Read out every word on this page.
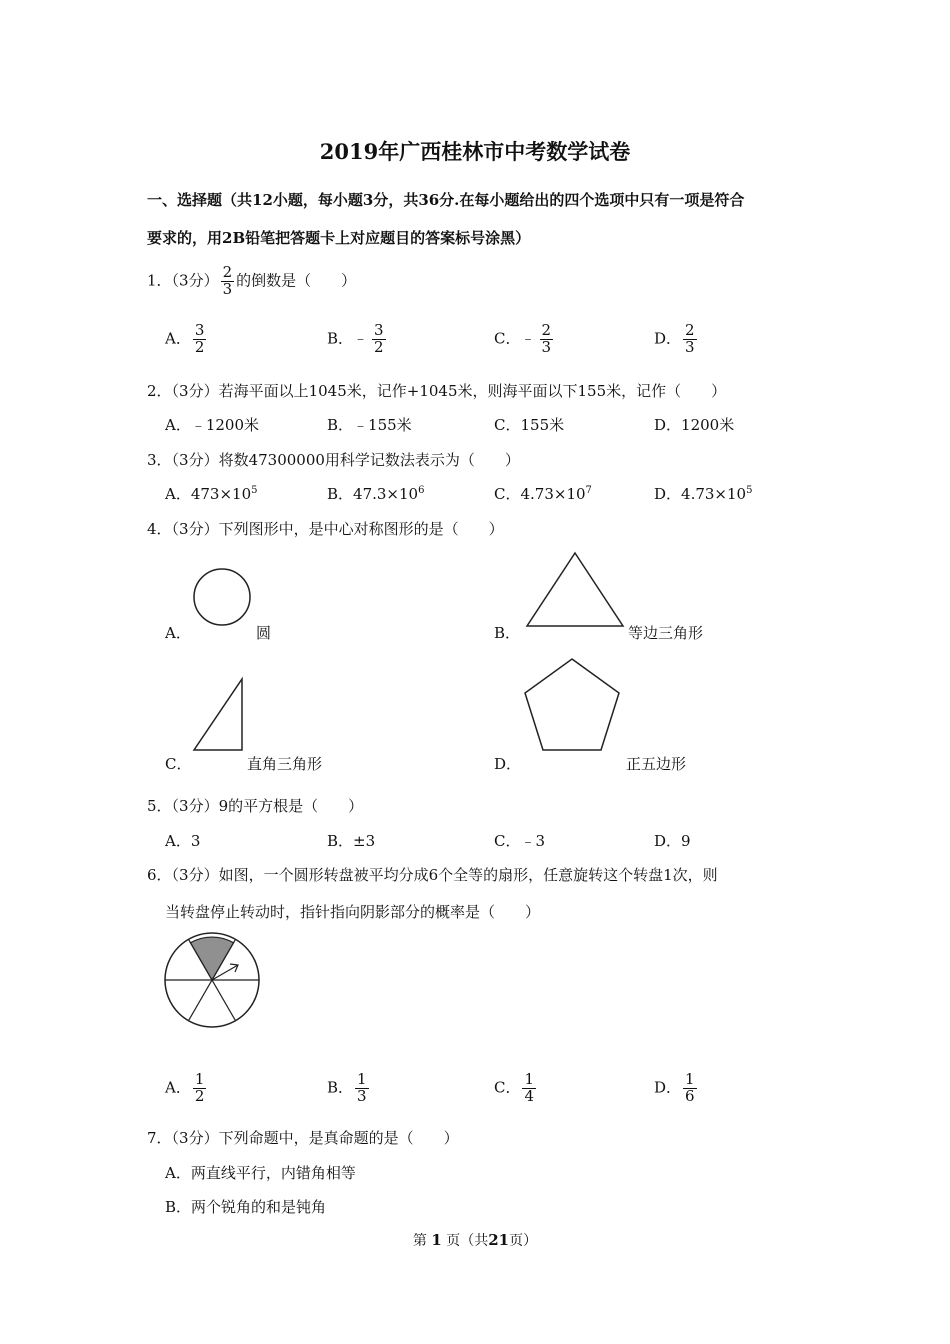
2019年广西桂林市中考数学试卷
一、选择题（共12小题，每小题3分，共36分.在每小题给出的四个选项中只有一项是符合
要求的，用2B铅笔把答题卡上对应题目的答案标号涂黑）
1．（3分） $\frac{2}{3}$ 的倒数是（　　）
A． $\frac{3}{2}$	B．﹣ $\frac{3}{2}$	C．﹣ $\frac{2}{3}$	D． $\frac{2}{3}$
2．（3分）若海平面以上1045米，记作+1045米，则海平面以下155米，记作（　　）
A．﹣1200米	B．﹣155米	C．155米	D．1200米
3．（3分）将数47300000用科学记数法表示为（　　）
A．$473\times 10^5$	B．$47.3\times 10^6$	C．$4.73\times 10^7$	D．$4.73\times 10^5$
4．（3分）下列图形中，是中心对称图形的是（　　）
A．	圆	B．	等边三角形
C．	直角三角形	D．	正五边形
5．（3分）9的平方根是（　　）
A．3	B．±3	C．﹣3	D．9
6．（3分）如图，一个圆形转盘被平均分成6个全等的扇形，任意旋转这个转盘1次，则
当转盘停止转动时，指针指向阴影部分的概率是（　　）
A． $\frac{1}{2}$	B． $\frac{1}{3}$	C． $\frac{1}{4}$	D． $\frac{1}{6}$
7．（3分）下列命题中，是真命题的是（　　）
A．两直线平行，内错角相等
B．两个锐角的和是钝角
第 1 页（共21页）
